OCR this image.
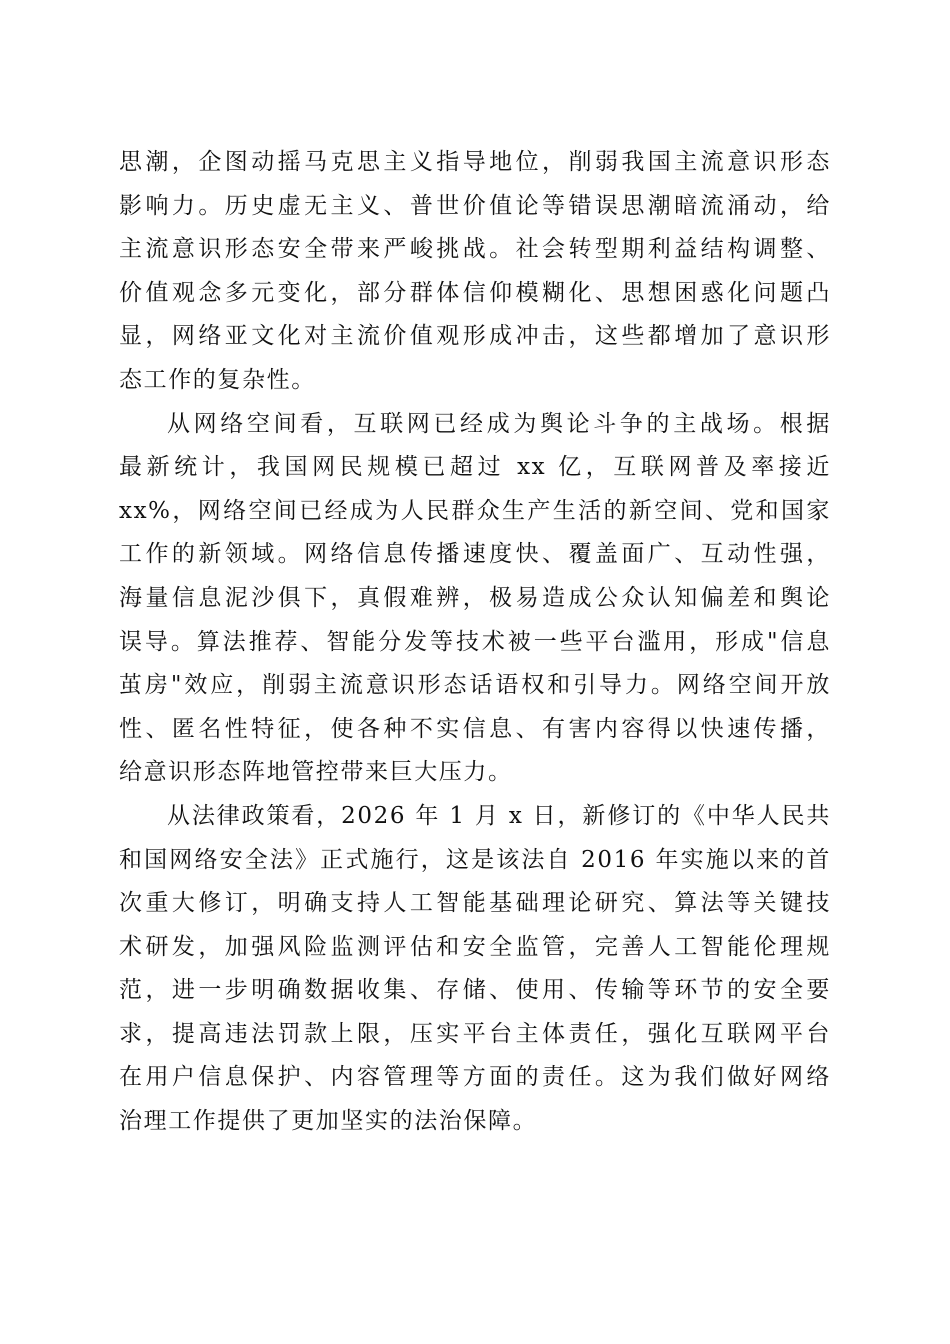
思潮，企图动摇马克思主义指导地位，削弱我国主流意识形态
影响力。历史虚无主义、普世价值论等错误思潮暗流涌动，给
主流意识形态安全带来严峻挑战。社会转型期利益结构调整、
价值观念多元变化，部分群体信仰模糊化、思想困惑化问题凸
显，网络亚文化对主流价值观形成冲击，这些都增加了意识形
态工作的复杂性。

从网络空间看，互联网已经成为舆论斗争的主战场。根据
最新统计，我国网民规模已超过 xx 亿，互联网普及率接近
xx%，网络空间已经成为人民群众生产生活的新空间、党和国家
工作的新领域。网络信息传播速度快、覆盖面广、互动性强，
海量信息泥沙俱下，真假难辨，极易造成公众认知偏差和舆论
误导。算法推荐、智能分发等技术被一些平台滥用，形成"信息
茧房"效应，削弱主流意识形态话语权和引导力。网络空间开放
性、匿名性特征，使各种不实信息、有害内容得以快速传播，
给意识形态阵地管控带来巨大压力。

从法律政策看，2026 年 1 月 x 日，新修订的《中华人民共
和国网络安全法》正式施行，这是该法自 2016 年实施以来的首
次重大修订，明确支持人工智能基础理论研究、算法等关键技
术研发，加强风险监测评估和安全监管，完善人工智能伦理规
范，进一步明确数据收集、存储、使用、传输等环节的安全要
求，提高违法罚款上限，压实平台主体责任，强化互联网平台
在用户信息保护、内容管理等方面的责任。这为我们做好网络
治理工作提供了更加坚实的法治保障。
